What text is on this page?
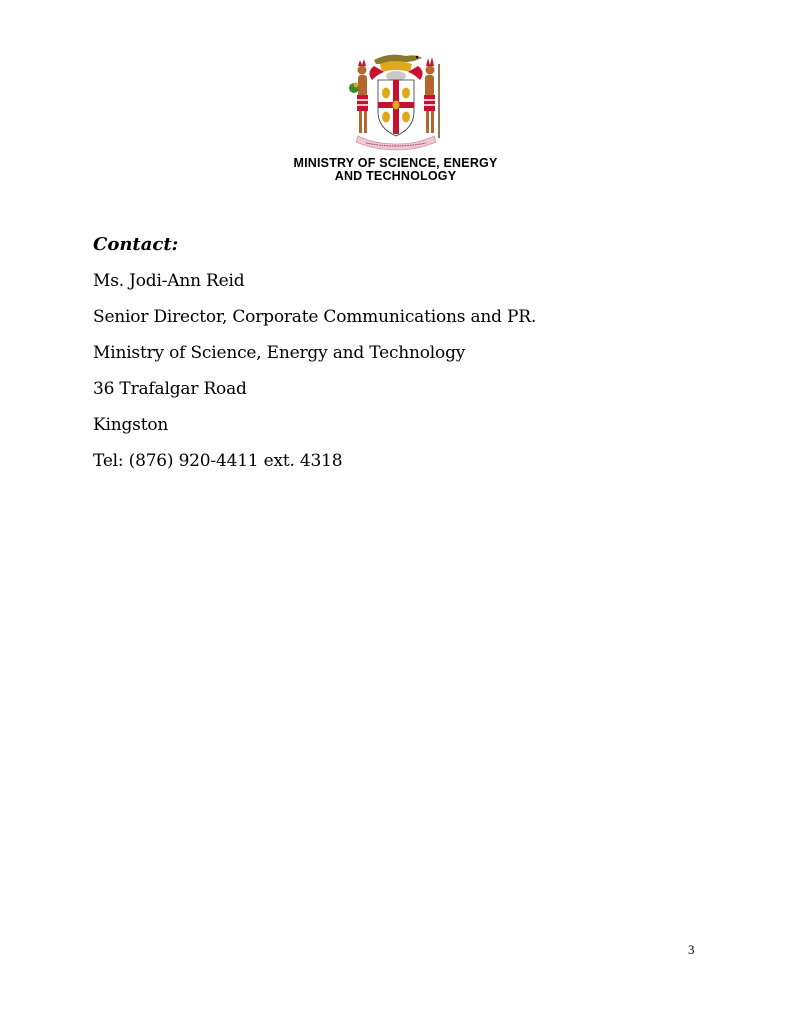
MINISTRY OF SCIENCE, ENERGY
AND TECHNOLOGY
Contact:
Ms. Jodi-Ann Reid
Senior Director, Corporate Communications and PR.
Ministry of Science, Energy and Technology
36 Trafalgar Road
Kingston
Tel: (876) 920-4411 ext. 4318
3
